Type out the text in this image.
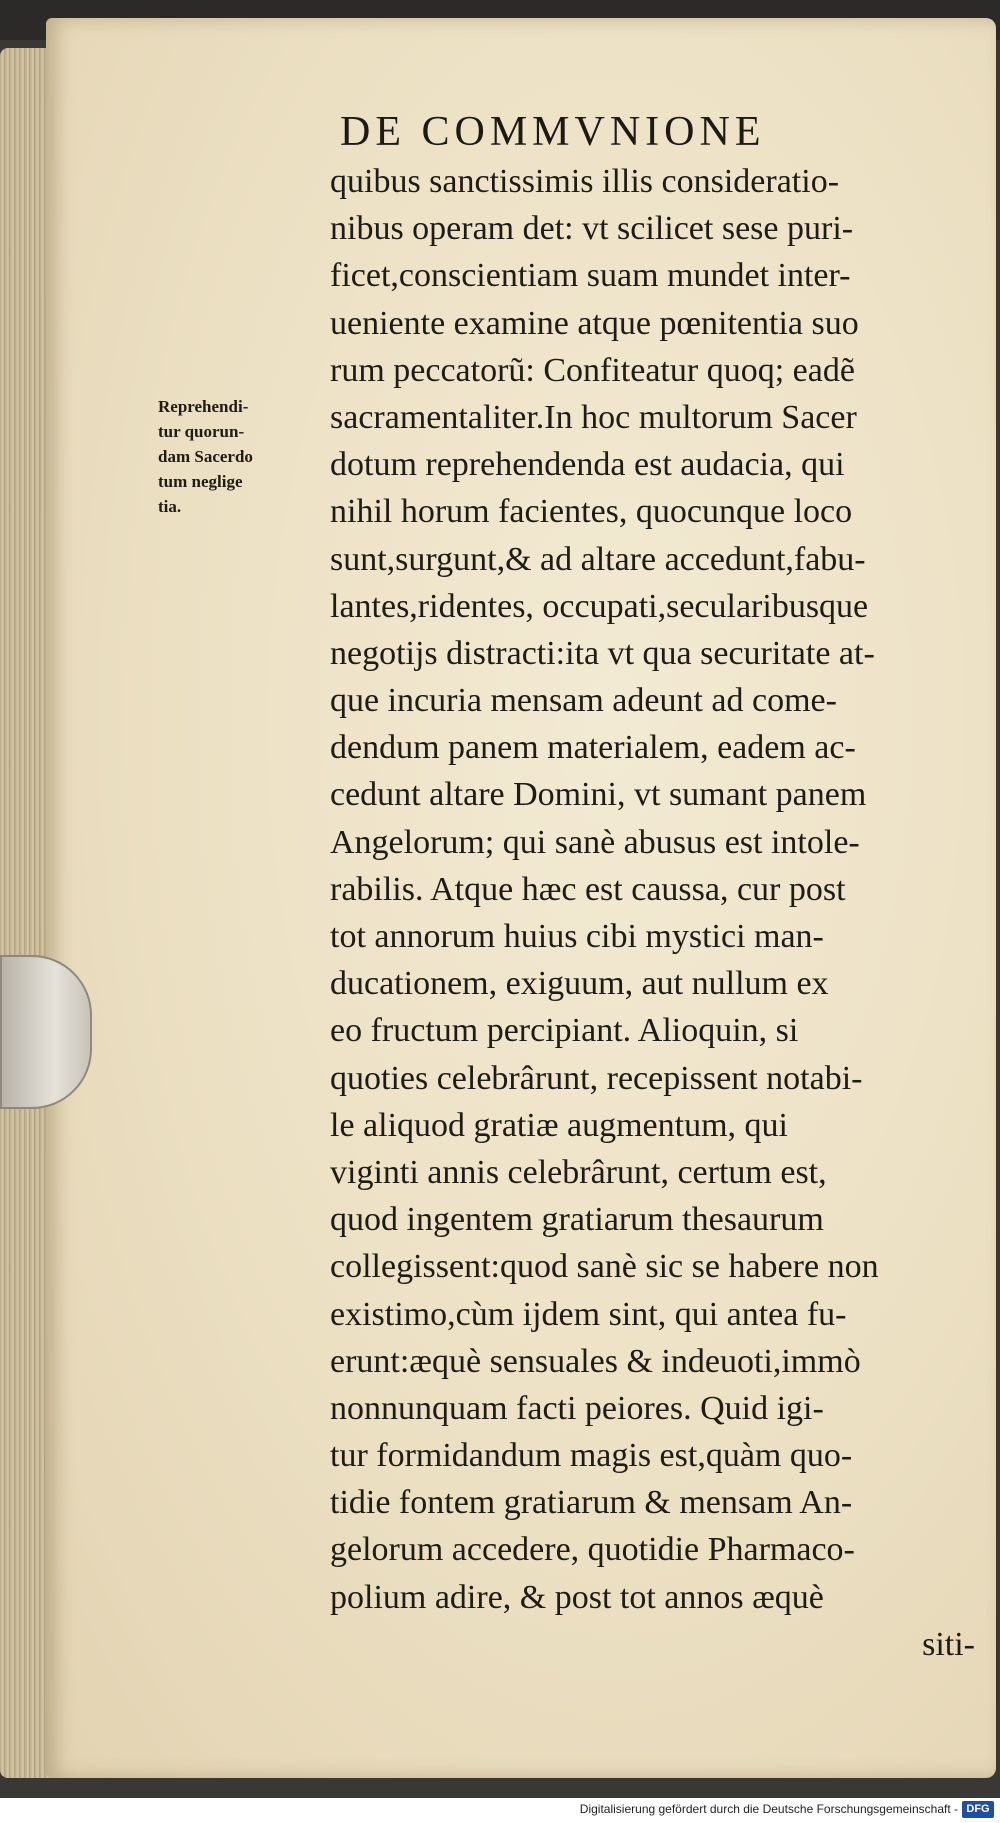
DE COMMVNIONE
Reprehendi-
tur quorun-
dam Sacerdo
tum neglige
tia.
quibus sanctissimis illis consideratio-
nibus operam det: vt scilicet sese puri-
ficet,conscientiam suam mundet inter-
ueniente examine atque pœnitentia suo
rum peccatorũ: Confiteatur quoq; eadẽ
sacramentaliter.In hoc multorum Sacer
dotum reprehendenda est audacia, qui
nihil horum facientes, quocunque loco
sunt,surgunt,& ad altare accedunt,fabu-
lantes,ridentes, occupati,secularibusque
negotijs distracti:ita vt qua securitate at-
que incuria mensam adeunt ad come-
dendum panem materialem, eadem ac-
cedunt altare Domini, vt sumant panem
Angelorum; qui sanè abusus est intole-
rabilis. Atque hæc est caussa, cur post
tot annorum huius cibi mystici man-
ducationem, exiguum, aut nullum ex
eo fructum percipiant. Alioquin, si
quoties celebrârunt, recepissent notabi-
le aliquod gratiæ augmentum, qui
viginti annis celebrârunt, certum est,
quod ingentem gratiarum thesaurum
collegissent:quod sanè sic se habere non
existimo,cùm ijdem sint, qui antea fu-
erunt:æquè sensuales & indeuoti,immò
nonnunquam facti peiores. Quid igi-
tur formidandum magis est,quàm quo-
tidie fontem gratiarum & mensam An-
gelorum accedere, quotidie Pharmaco-
polium adire, & post tot annos æquè
siti-
Digitalisierung gefördert durch die Deutsche Forschungsgemeinschaft - DFG
